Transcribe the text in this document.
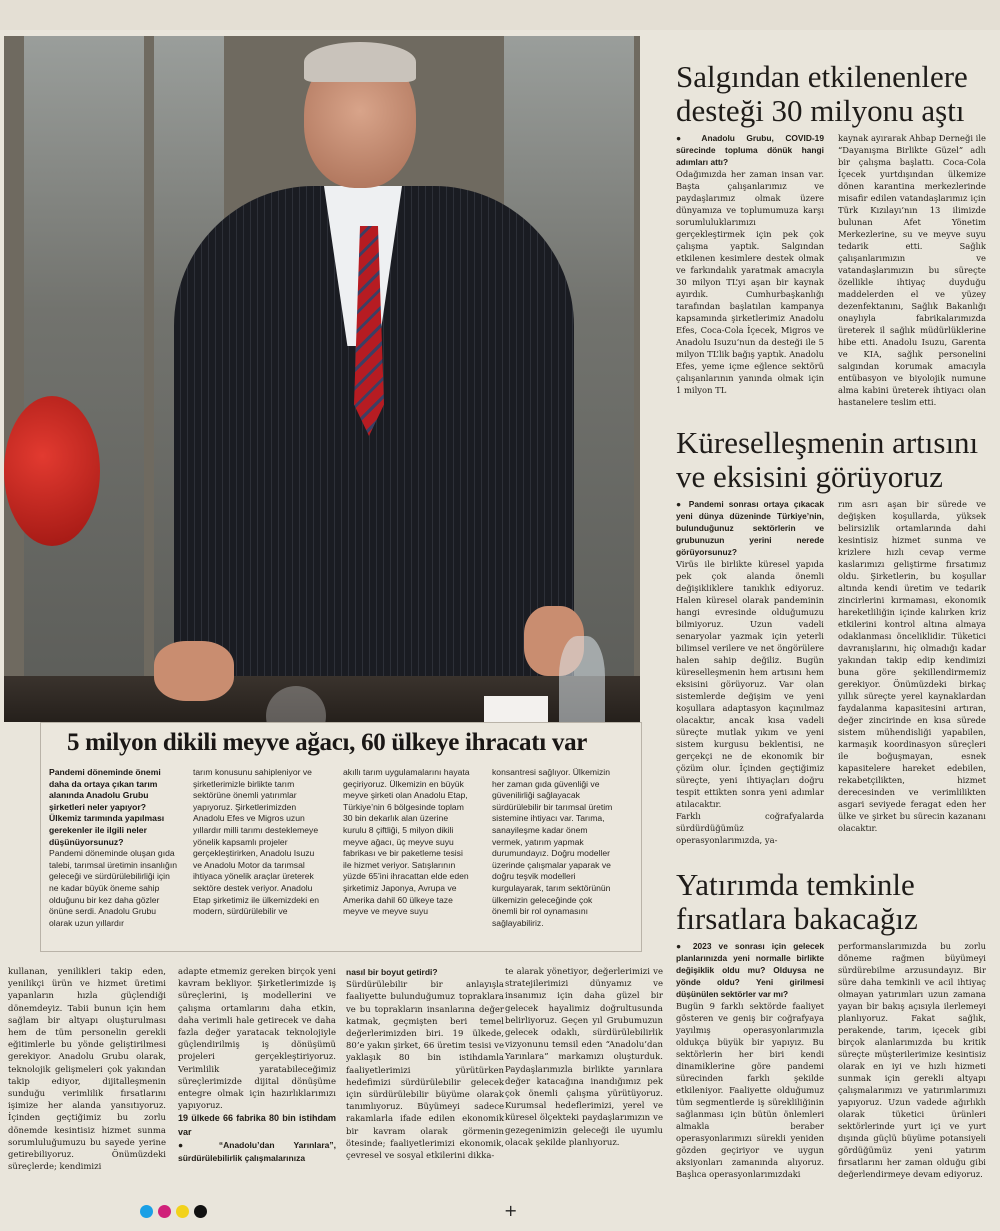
5 milyon dikili meyve ağacı, 60 ülkeye ihracatı var
Pandemi döneminde önemi daha da ortaya çıkan tarım alanında Anadolu Grubu şirketleri neler yapıyor? Ülkemiz tarımında yapılması gerekenler ile ilgili neler düşünüyorsunuz?
Pandemi döneminde oluşan gıda talebi, tarımsal üretimin insanlığın geleceği ve sürdürülebilirliği için ne kadar büyük öneme sahip olduğunu bir kez daha gözler önüne serdi. Anadolu Grubu olarak uzun yıllardır
tarım konusunu sahipleniyor ve şirketlerimizle birlikte tarım sektörüne önemli yatırımlar yapıyoruz. Şirketlerimizden Anadolu Efes ve Migros uzun yıllardır milli tarımı desteklemeye yönelik kapsamlı projeler gerçekleştirirken, Anadolu Isuzu ve Anadolu Motor da tarımsal ihtiyaca yönelik araçlar üreterek sektöre destek veriyor. Anadolu Etap şirketimiz ile ülkemizdeki en modern, sürdürülebilir ve
akıllı tarım uygulamalarını hayata geçiriyoruz. Ülkemizin en büyük meyve şirketi olan Anadolu Etap, Türkiye’nin 6 bölgesinde toplam 30 bin dekarlık alan üzerine kurulu 8 çiftliği, 5 milyon dikili meyve ağacı, üç meyve suyu fabrikası ve bir paketleme tesisi ile hizmet veriyor. Satışlarının yüzde 65’ini ihracattan elde eden şirketimiz Japonya, Avrupa ve Amerika dahil 60 ülkeye taze meyve ve meyve suyu
konsantresi sağlıyor. Ülkemizin her zaman gıda güvenliği ve güvenilirliği sağlayacak sürdürülebilir bir tarımsal üretim sistemine ihtiyacı var. Tarıma, sanayileşme kadar önem vermek, yatırım yapmak durumundayız. Doğru modeller üzerinde çalışmalar yaparak ve doğru teşvik modelleri kurgulayarak, tarım sektörünün ülkemizin geleceğinde çok önemli bir rol oynamasını sağlayabiliriz.
Salgından etkilenenlere desteği 30 milyonu aştı
● Anadolu Grubu, COVID-19 sürecinde topluma dönük hangi adımları attı?
Odağımızda her zaman insan var. Başta çalışanlarımız ve paydaşlarımız olmak üzere dünyamıza ve toplumumuza karşı sorumluluklarımızı gerçekleştirmek için pek çok çalışma yaptık. Salgından etkilenen kesimlere destek olmak ve farkındalık yaratmak amacıyla 30 milyon TL’yi aşan bir kaynak ayırdık. Cumhurbaşkanlığı tarafından başlatılan kampanya kapsamında şirketlerimiz Anadolu Efes, Coca-Cola İçecek, Migros ve Anadolu Isuzu’nun da desteği ile 5 milyon TL’lik bağış yaptık. Anadolu Efes, yeme içme eğlence sektörü çalışanlarının yanında olmak için 1 milyon TL
kaynak ayırarak Ahbap Derneği ile “Dayanışma Birlikte Güzel” adlı bir çalışma başlattı. Coca-Cola İçecek yurtdışından ülkemize dönen karantina merkezlerinde misafir edilen vatandaşlarımız için Türk Kızılayı’nın 13 ilimizde bulunan Afet Yönetim Merkezlerine, su ve meyve suyu tedarik etti. Sağlık çalışanlarımızın ve vatandaşlarımızın bu süreçte özellikle ihtiyaç duyduğu maddelerden el ve yüzey dezenfektanını, Sağlık Bakanlığı onaylıyla fabrikalarımızda üreterek il sağlık müdürlüklerine hibe etti. Anadolu Isuzu, Garenta ve KIA, sağlık personelini salgından korumak amacıyla entübasyon ve biyolojik numune alma kabini üreterek ihtiyacı olan hastanelere teslim etti.
Küreselleşmenin artısını ve eksisini görüyoruz
● Pandemi sonrası ortaya çıkacak yeni dünya düzeninde Türkiye’nin, bulunduğunuz sektörlerin ve grubunuzun yerini nerede görüyorsunuz?
Virüs ile birlikte küresel yapıda pek çok alanda önemli değişikliklere tanıklık ediyoruz. Halen küresel olarak pandeminin hangi evresinde olduğumuzu bilmiyoruz. Uzun vadeli senaryolar yazmak için yeterli bilimsel verilere ve net öngörülere halen sahip değiliz. Bugün küreselleşmenin hem artısını hem eksisini görüyoruz. Var olan sistemlerde değişim ve yeni koşullara adaptasyon kaçınılmaz olacaktır, ancak kısa vadeli süreçte mutlak yıkım ve yeni sistem kurgusu beklentisi, ne gerçekçi ne de ekonomik bir çözüm olur. İçinden geçtiğimiz süreçte, yeni ihtiyaçları doğru tespit ettikten sonra yeni adımlar atılacaktır.
Farklı coğrafyalarda sürdürdüğümüz operasyonlarımızda, ya-
rım asrı aşan bir sürede ve değişken koşullarda, yüksek belirsizlik ortamlarında dahi kesintisiz hizmet sunma ve krizlere hızlı cevap verme kaslarımızı geliştirme fırsatımız oldu. Şirketlerin, bu koşullar altında kendi üretim ve tedarik zincirlerini kırmaması, ekonomik hareketliliğin içinde kalırken kriz etkilerini kontrol altına almaya odaklanması önceliklidir. Tüketici davranışlarını, hiç olmadığı kadar yakından takip edip kendimizi buna göre şekillendirmemiz gerekiyor. Önümüzdeki birkaç yıllık süreçte yerel kaynaklardan faydalanma kapasitesini artıran, değer zincirinde en kısa sürede sistem mühendisliği yapabilen, karmaşık koordinasyon süreçleri ile boğuşmayan, esnek kapasitelere hareket edebilen, rekabetçilikten, hizmet derecesinden ve verimlilikten asgari seviyede feragat eden her ülke ve şirket bu sürecin kazananı olacaktır.
Yatırımda temkinle fırsatlara bakacağız
● 2023 ve sonrası için gelecek planlarınızda yeni normalle birlikte değişiklik oldu mu? Olduysa ne yönde oldu? Yeni girilmesi düşünülen sektörler var mı?
Bugün 9 farklı sektörde faaliyet gösteren ve geniş bir coğrafyaya yayılmış operasyonlarımızla oldukça büyük bir yapıyız. Bu sektörlerin her biri kendi dinamiklerine göre pandemi sürecinden farklı şekilde etkileniyor. Faaliyette olduğumuz tüm segmentlerde iş sürekliliğinin sağlanması için bütün önlemleri almakla beraber operasyonlarımızı sürekli yeniden gözden geçiriyor ve uygun aksiyonları zamanında alıyoruz. Başlıca operasyonlarımızdaki
performanslarımızda bu zorlu döneme rağmen büyümeyi sürdürebilme arzusundayız. Bir süre daha temkinli ve acil ihtiyaç olmayan yatırımları uzun zamana yayan bir bakış açısıyla ilerlemeyi planlıyoruz. Fakat sağlık, perakende, tarım, içecek gibi birçok alanlarımızda bu kritik süreçte müşterilerimize kesintisiz olarak en iyi ve hızlı hizmeti sunmak için gerekli altyapı çalışmalarımızı ve yatırımlarımızı yapıyoruz. Uzun vadede ağırlıklı olarak tüketici ürünleri sektörlerinde yurt içi ve yurt dışında güçlü büyüme potansiyeli gördüğümüz yeni yatırım fırsatlarını her zaman olduğu gibi değerlendirmeye devam ediyoruz.
kullanan, yenilikleri takip eden, yenilikçi ürün ve hizmet üretimi yapanların hızla güçlendiği dönemdeyiz. Tabii bunun için hem sağlam bir altyapı oluşturulması hem de tüm personelin gerekli eğitimlerle bu yönde geliştirilmesi gerekiyor. Anadolu Grubu olarak, teknolojik gelişmeleri çok yakından takip ediyor, dijitalleşmenin sunduğu verimlilik fırsatlarını işimize her alanda yansıtıyoruz. İçinden geçtiğimiz bu zorlu dönemde kesintisiz hizmet sunma sorumluluğumuzu bu sayede yerine getirebiliyoruz. Önümüzdeki süreçlerde; kendimizi
adapte etmemiz gereken birçok yeni kavram bekliyor. Şirketlerimizde iş süreçlerini, iş modellerini ve çalışma ortamlarını daha etkin, daha verimli hale getirecek ve daha fazla değer yaratacak teknolojiyle güçlendirilmiş iş dönüşümü projeleri gerçekleştiriyoruz. Verimlilik yaratabileceğimiz süreçlerimizde dijital dönüşüme entegre olmak için hazırlıklarımızı yapıyoruz.
19 ülkede 66 fabrika 80 bin istihdam var
● “Anadolu’dan Yarınlara”, sürdürülebilirlik çalışmalarınıza
nasıl bir boyut getirdi?
Sürdürülebilir bir anlayışla faaliyette bulunduğumuz topraklara ve bu toprakların insanlarına değer katmak, geçmişten beri temel değerlerimizden biri. 19 ülkede, 80’e yakın şirket, 66 üretim tesisi ve yaklaşık 80 bin istihdamla faaliyetlerimizi yürütürken hedefimizi sürdürülebilir gelecek için sürdürülebilir büyüme olarak tanımlıyoruz. Büyümeyi sadece rakamlarla ifade edilen ekonomik bir kavram olarak görmenin ötesinde; faaliyetlerimizi ekonomik, çevresel ve sosyal etkilerini dikka-
te alarak yönetiyor, değerlerimizi ve stratejilerimizi dünyamız ve insanımız için daha güzel bir gelecek hayalimiz doğrultusunda belirliyoruz. Geçen yıl Grubumuzun gelecek odaklı, sürdürülebilirlik vizyonunu temsil eden “Anadolu’dan Yarınlara” markamızı oluşturduk. Paydaşlarımızla birlikte yarınlara değer katacağına inandığımız pek çok önemli çalışma yürütüyoruz. Kurumsal hedeflerimizi, yerel ve küresel ölçekteki paydaşlarımızın ve gezegenimizin geleceği ile uyumlu olacak şekilde planlıyoruz.
+
